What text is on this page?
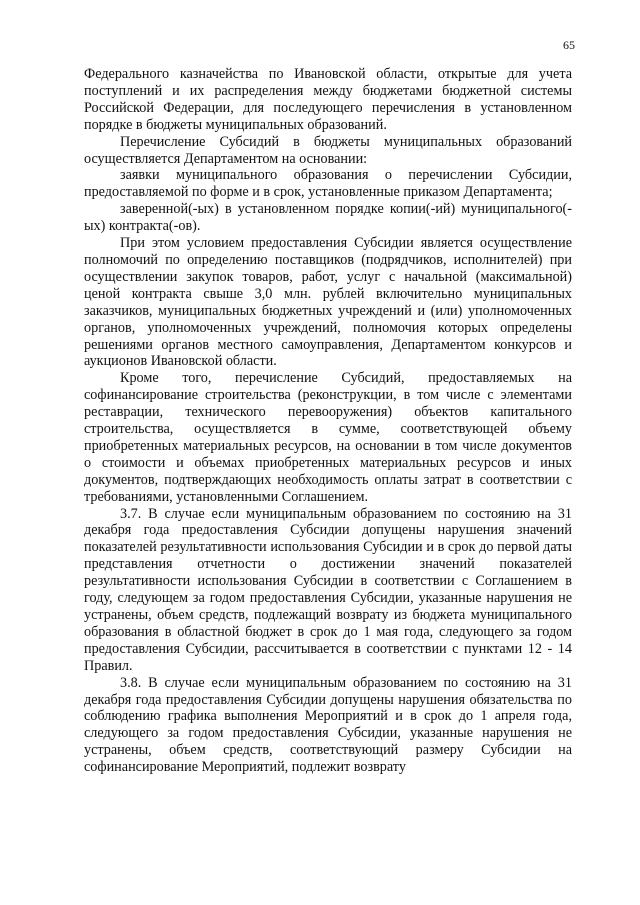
65

Федерального казначейства по Ивановской области, открытые для учета поступлений и их распределения между бюджетами бюджетной системы Российской Федерации, для последующего перечисления в установленном порядке в бюджеты муниципальных образований.

Перечисление Субсидий в бюджеты муниципальных образований осуществляется Департаментом на основании:

заявки муниципального образования о перечислении Субсидии, предоставляемой по форме и в срок, установленные приказом Департамента;

заверенной(-ых) в установленном порядке копии(-ий) муниципального(-ых) контракта(-ов).

При этом условием предоставления Субсидии является осуществление полномочий по определению поставщиков (подрядчиков, исполнителей) при осуществлении закупок товаров, работ, услуг с начальной (максимальной) ценой контракта свыше 3,0 млн. рублей включительно муниципальных заказчиков, муниципальных бюджетных учреждений и (или) уполномоченных органов, уполномоченных учреждений, полномочия которых определены решениями органов местного самоуправления, Департаментом конкурсов и аукционов Ивановской области.

Кроме того, перечисление Субсидий, предоставляемых на софинансирование строительства (реконструкции, в том числе с элементами реставрации, технического перевооружения) объектов капитального строительства, осуществляется в сумме, соответствующей объему приобретенных материальных ресурсов, на основании в том числе документов о стоимости и объемах приобретенных материальных ресурсов и иных документов, подтверждающих необходимость оплаты затрат в соответствии с требованиями, установленными Соглашением.

3.7. В случае если муниципальным образованием по состоянию на 31 декабря года предоставления Субсидии допущены нарушения значений показателей результативности использования Субсидии и в срок до первой даты представления отчетности о достижении значений показателей результативности использования Субсидии в соответствии с Соглашением в году, следующем за годом предоставления Субсидии, указанные нарушения не устранены, объем средств, подлежащий возврату из бюджета муниципального образования в областной бюджет в срок до 1 мая года, следующего за годом предоставления Субсидии, рассчитывается в соответствии с пунктами 12 - 14 Правил.

3.8. В случае если муниципальным образованием по состоянию на 31 декабря года предоставления Субсидии допущены нарушения обязательства по соблюдению графика выполнения Мероприятий и в срок до 1 апреля года, следующего за годом предоставления Субсидии, указанные нарушения не устранены, объем средств, соответствующий размеру Субсидии на софинансирование Мероприятий, подлежит возврату
